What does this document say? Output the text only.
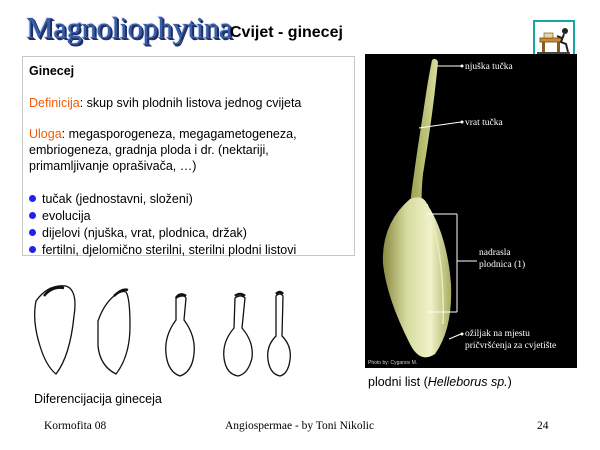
Magnoliophytina
Cvijet - ginecej
Ginecej
Definicija: skup svih plodnih listova jednog cvijeta
Uloga: megasporogeneza, megagametogeneza, embriogeneza, gradnja ploda i dr. (nektariji, primamljivanje oprašivača, …)
tučak (jednostavni, složeni)
evolucija
dijelovi (njuška, vrat, plodnica, držak)
fertilni, djelomično sterilni, sterilni plodni listovi
Diferencijacija gineceja
njuška tučka
vrat tučka
nadrasla
plodnica (1)
ožiljak na mjestu
pričvršćenja za cvjetište
Photo by: Cyganov M.
plodni list (Helleborus sp.)
Kormofita 08	Angiospermae - by Toni Nikolic	24
